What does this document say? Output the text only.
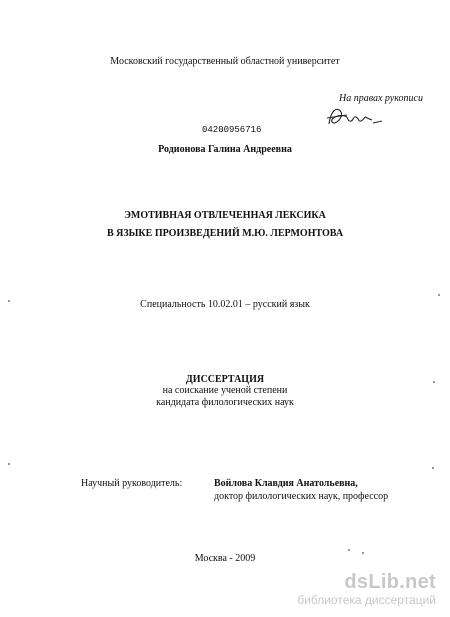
Московский государственный областной университет
На правах рукописи
04200956716
Родионова Галина Андреевна
ЭМОТИВНАЯ ОТВЛЕЧЕННАЯ ЛЕКСИКА
В ЯЗЫКЕ ПРОИЗВЕДЕНИЙ М.Ю. ЛЕРМОНТОВА
Специальность 10.02.01 – русский язык
ДИССЕРТАЦИЯ
на соискание ученой степени
кандидата филологических наук
Научный руководитель:	Войлова Клавдия Анатольевна,
доктор филологических наук, профессор
Москва - 2009
dsLib.net
библиотека диссертаций
